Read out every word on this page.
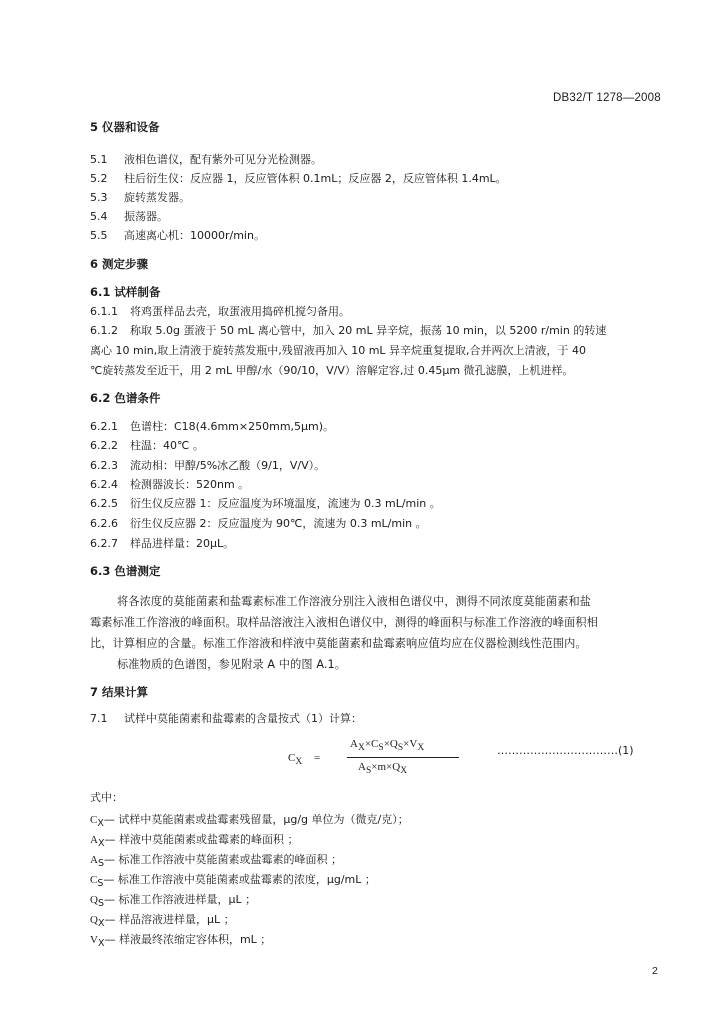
DB32/T 1278—2008
5 仪器和设备
5.1 液相色谱仪，配有紫外可见分光检测器。
5.2 柱后衍生仪：反应器 1，反应管体积 0.1mL；反应器 2，反应管体积 1.4mL。
5.3 旋转蒸发器。
5.4 振荡器。
5.5 高速离心机：10000r/min。
6 测定步骤
6.1 试样制备
6.1.1 将鸡蛋样品去壳，取蛋液用捣碎机搅匀备用。
6.1.2 称取 5.0g 蛋液于 50 mL 离心管中，加入 20 mL 异辛烷，振荡 10 min，以 5200 r/min 的转速
离心 10 min,取上清液于旋转蒸发瓶中,残留液再加入 10 mL 异辛烷重复提取,合并两次上清液，于 40
℃旋转蒸发至近干，用 2 mL 甲醇/水（90/10，V/V）溶解定容,过 0.45μm 微孔滤膜，上机进样。
6.2 色谱条件
6.2.1 色谱柱：C18(4.6mm×250mm,5μm)。
6.2.2 柱温：40℃ 。
6.2.3 流动相：甲醇/5%冰乙酸（9/1，V/V）。
6.2.4 检测器波长：520nm 。
6.2.5 衍生仪反应器 1：反应温度为环境温度，流速为 0.3 mL/min 。
6.2.6 衍生仪反应器 2：反应温度为 90℃，流速为 0.3 mL/min 。
6.2.7 样品进样量：20μL。
6.3 色谱测定
将各浓度的莫能菌素和盐霉素标准工作溶液分别注入液相色谱仪中，测得不同浓度莫能菌素和盐
霉素标准工作溶液的峰面积。取样品溶液注入液相色谱仪中，测得的峰面积与标准工作溶液的峰面积相
比，计算相应的含量。标准工作溶液和样液中莫能菌素和盐霉素响应值均应在仪器检测线性范围内。
标准物质的色谱图，参见附录 A 中的图 A.1。
7 结果计算
7.1 试样中莫能菌素和盐霉素的含量按式（1）计算：
$C_X$ =
$A_X\times C_S\times Q_S\times V_X$
$A_S\times m\times Q_X$
……………………………(1)
式中：
$C_X—$ 试样中莫能菌素或盐霉素残留量，μg/g 单位为（微克/克）；
$A_X—$ 样液中莫能菌素或盐霉素的峰面积 ；
$A_S—$ 标准工作溶液中莫能菌素或盐霉素的峰面积 ；
$C_S—$ 标准工作溶液中莫能菌素或盐霉素的浓度，μg/mL ；
$Q_S—$ 标准工作溶液进样量，μL ；
$Q_X—$ 样品溶液进样量，μL ；
$V_X—$ 样液最终浓缩定容体积，mL ；
2
